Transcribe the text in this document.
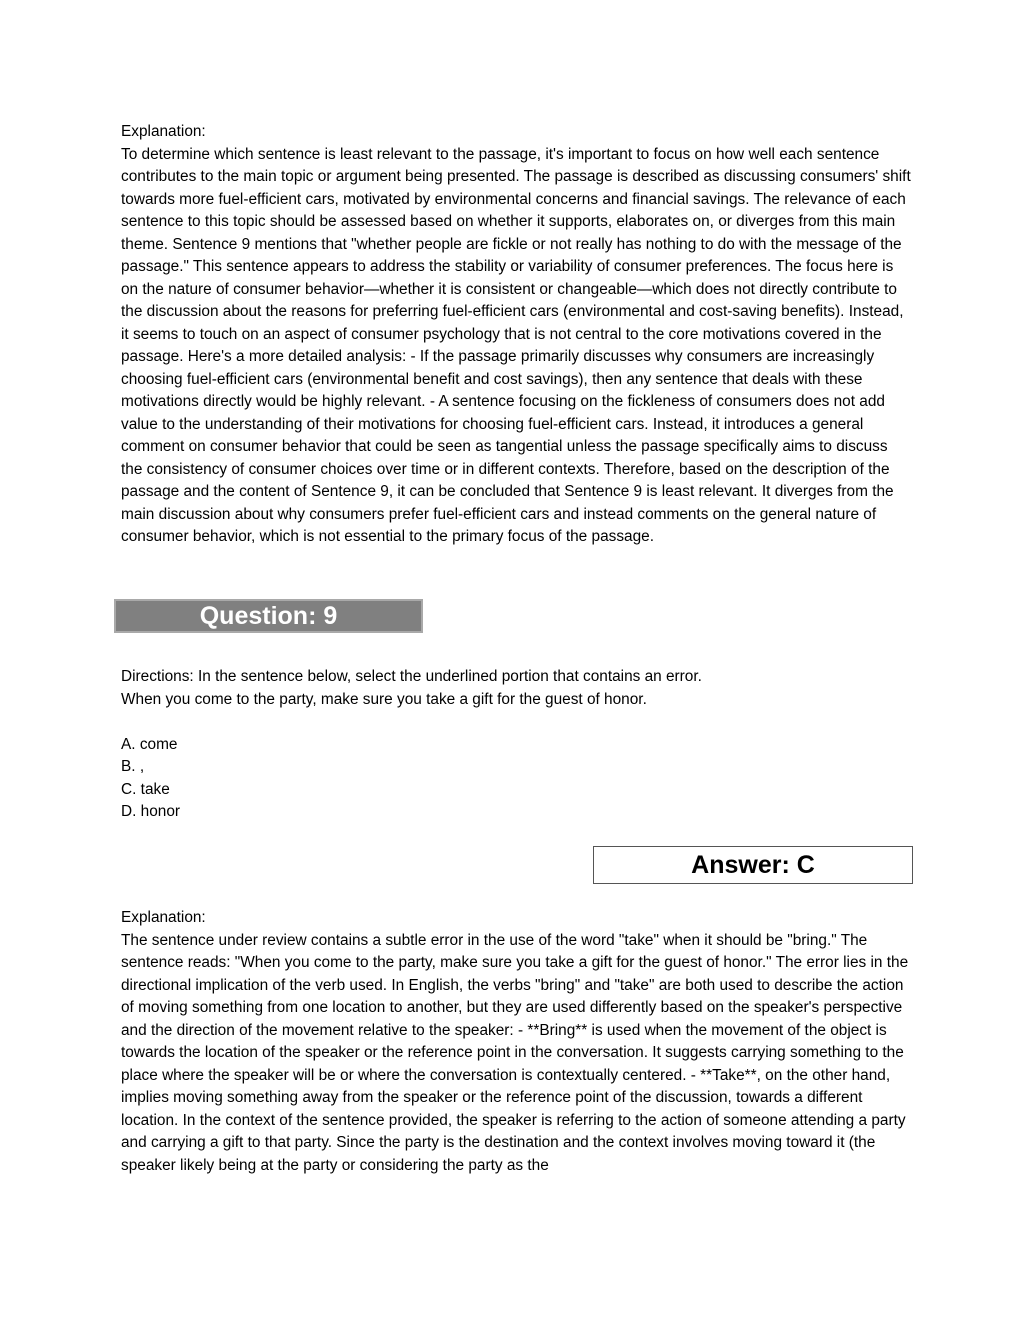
Explanation:

To determine which sentence is least relevant to the passage, it's important to focus on how well each sentence contributes to the main topic or argument being presented. The passage is described as discussing consumers' shift towards more fuel-efficient cars, motivated by environmental concerns and financial savings. The relevance of each sentence to this topic should be assessed based on whether it supports, elaborates on, or diverges from this main theme. Sentence 9 mentions that "whether people are fickle or not really has nothing to do with the message of the passage." This sentence appears to address the stability or variability of consumer preferences. The focus here is on the nature of consumer behavior—whether it is consistent or changeable—which does not directly contribute to the discussion about the reasons for preferring fuel-efficient cars (environmental and cost-saving benefits). Instead, it seems to touch on an aspect of consumer psychology that is not central to the core motivations covered in the passage. Here's a more detailed analysis: - If the passage primarily discusses why consumers are increasingly choosing fuel-efficient cars (environmental benefit and cost savings), then any sentence that deals with these motivations directly would be highly relevant. - A sentence focusing on the fickleness of consumers does not add value to the understanding of their motivations for choosing fuel-efficient cars. Instead, it introduces a general comment on consumer behavior that could be seen as tangential unless the passage specifically aims to discuss the consistency of consumer choices over time or in different contexts. Therefore, based on the description of the passage and the content of Sentence 9, it can be concluded that Sentence 9 is least relevant. It diverges from the main discussion about why consumers prefer fuel-efficient cars and instead comments on the general nature of consumer behavior, which is not essential to the primary focus of the passage.

Question: 9

Directions: In the sentence below, select the underlined portion that contains an error.

When you come to the party, make sure you take a gift for the guest of honor.

A. come

B. ,

C. take

D. honor

Answer: C

Explanation:

The sentence under review contains a subtle error in the use of the word "take" when it should be "bring." The sentence reads: "When you come to the party, make sure you take a gift for the guest of honor." The error lies in the directional implication of the verb used. In English, the verbs "bring" and "take" are both used to describe the action of moving something from one location to another, but they are used differently based on the speaker's perspective and the direction of the movement relative to the speaker: - **Bring** is used when the movement of the object is towards the location of the speaker or the reference point in the conversation. It suggests carrying something to the place where the speaker will be or where the conversation is contextually centered. - **Take**, on the other hand, implies moving something away from the speaker or the reference point of the discussion, towards a different location. In the context of the sentence provided, the speaker is referring to the action of someone attending a party and carrying a gift to that party. Since the party is the destination and the context involves moving toward it (the speaker likely being at the party or considering the party as the
